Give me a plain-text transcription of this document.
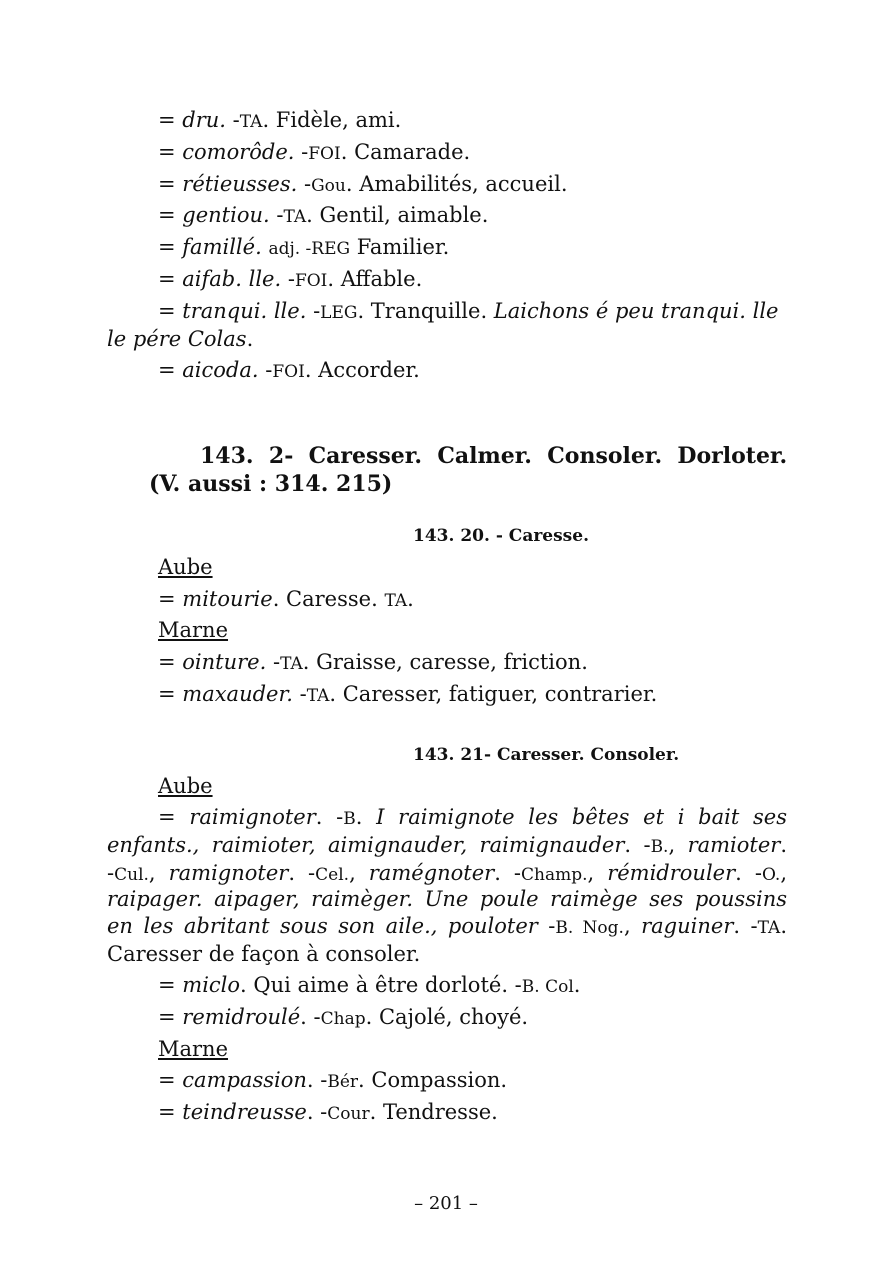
= dru. -TA. Fidèle, ami.
= comorôde. -FOI. Camarade.
= rétieusses. -Gou. Amabilités, accueil.
= gentiou. -TA. Gentil, aimable.
= famillé. adj. -REG Familier.
= aifab. lle. -FOI. Affable.
= tranqui. lle. -LEG. Tranquille. Laichons é peu tranqui. lle
le pére Colas.
= aicoda. -FOI. Accorder.
143.  2-  Caresser.  Calmer.  Consoler.  Dorloter.
(V. aussi : 314. 215)
143. 20. - Caresse.
Aube
= mitourie. Caresse. TA.
Marne
= ointure. -TA. Graisse, caresse, friction.
= maxauder. -TA. Caresser, fatiguer, contrarier.
143. 21- Caresser. Consoler.
Aube
= raimignoter. -B. I raimignote les bêtes et i bait ses
enfants., raimioter, aimignauder, raimignauder. -B., ramioter.
-Cul., ramignoter. -Cel., ramégnoter. -Champ., rémidrouler. -O.,
raipager. aipager, raimèger. Une poule raimège ses poussins
en les abritant sous son aile., pouloter -B. Nog., raguiner. -TA.
Caresser de façon à consoler.
= miclo. Qui aime à être dorloté. -B. Col.
= remidroulé. -Chap. Cajolé, choyé.
Marne
= campassion. -Bér. Compassion.
= teindreusse. -Cour. Tendresse.
– 201 –
